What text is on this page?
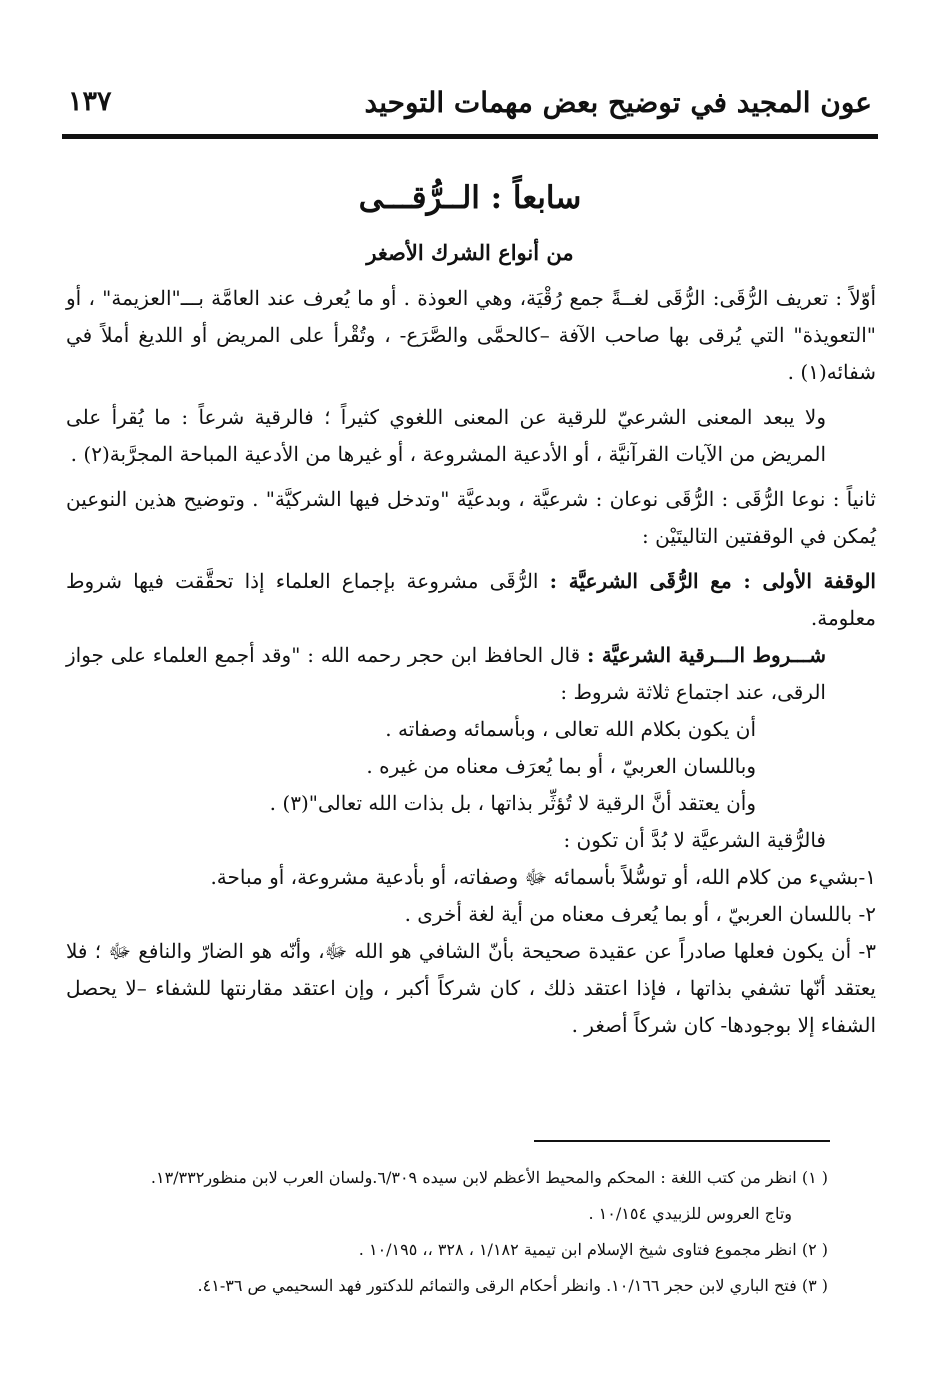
عون المجيد في توضيح بعض مهمات التوحيد
١٣٧
سابعاً : الــرُّقـــى
من أنواع الشرك الأصغر

أوّلاً : تعريف الرُّقَى: الرُّقَى لغــةً جمع رُقْيَة، وهي العوذة . أو ما يُعرف عند العامَّة بـــ"العزيمة" ، أو "التعويذة" التي يُرقى بها صاحب الآفة –كالحمَّى والصَّرَع- ، وتُقْرأ على المريض أو اللديغ أملاً في شفائه(١) .

ولا يبعد المعنى الشرعيّ للرقية عن المعنى اللغوي كثيراً ؛ فالرقية شرعاً : ما يُقرأ على المريض من الآيات القرآنيَّة ، أو الأدعية المشروعة ، أو غيرها من الأدعية المباحة المجرَّبة(٢) .

ثانياً : نوعا الرُّقَى : الرُّقَى نوعان : شرعيَّة ، وبدعيَّة "وتدخل فيها الشركيَّة" . وتوضيح هذين النوعين يُمكن في الوقفتين التاليتَيْن :

الوقفة الأولى : مع الرُّقَى الشرعيَّة : الرُّقَى مشروعة بإجماع العلماء إذا تحقَّقت فيها شروط معلومة.

شـــروط الـــرقية الشرعيَّة : قال الحافظ ابن حجر رحمه الله : "وقد أجمع العلماء على جواز الرقى، عند اجتماع ثلاثة شروط :

أن يكون بكلام الله تعالى ، وبأسمائه وصفاته .

وباللسان العربيّ ، أو بما يُعرَف معناه من غيره .

وأن يعتقد أنَّ الرقية لا تُؤثِّر بذاتها ، بل بذات الله تعالى"(٣) .

فالرُّقية الشرعيَّة لا بُدَّ أن تكون :

١-بشيء من كلام الله، أو توسُّلاً بأسمائه ﷻ وصفاته، أو بأدعية مشروعة، أو مباحة.

٢- باللسان العربيّ ، أو بما يُعرف معناه من أية لغة أخرى .

٣- أن يكون فعلها صادراً عن عقيدة صحيحة بأنّ الشافي هو الله ﷻ، وأنّه هو الضارّ والنافع ﷻ ؛ فلا يعتقد أنّها تشفي بذاتها ، فإذا اعتقد ذلك ، كان شركاً أكبر ، وإن اعتقد مقارنتها للشفاء –لا يحصل الشفاء إلا بوجودها- كان شركاً أصغر .

( ١) انظر من كتب اللغة : المحكم والمحيط الأعظم لابن سيده ٦/٣٠٩.ولسان العرب لابن منظور١٣/٣٣٢.

وتاج العروس للزبيدي ١٠/١٥٤ .

( ٢) انظر مجموع فتاوى شيخ الإسلام ابن تيمية ١/١٨٢ ، ٣٢٨ ،، ١٠/١٩٥ .

( ٣) فتح الباري لابن حجر ١٠/١٦٦. وانظر أحكام الرقى والتمائم للدكتور فهد السحيمي ص ٣٦-٤١.
